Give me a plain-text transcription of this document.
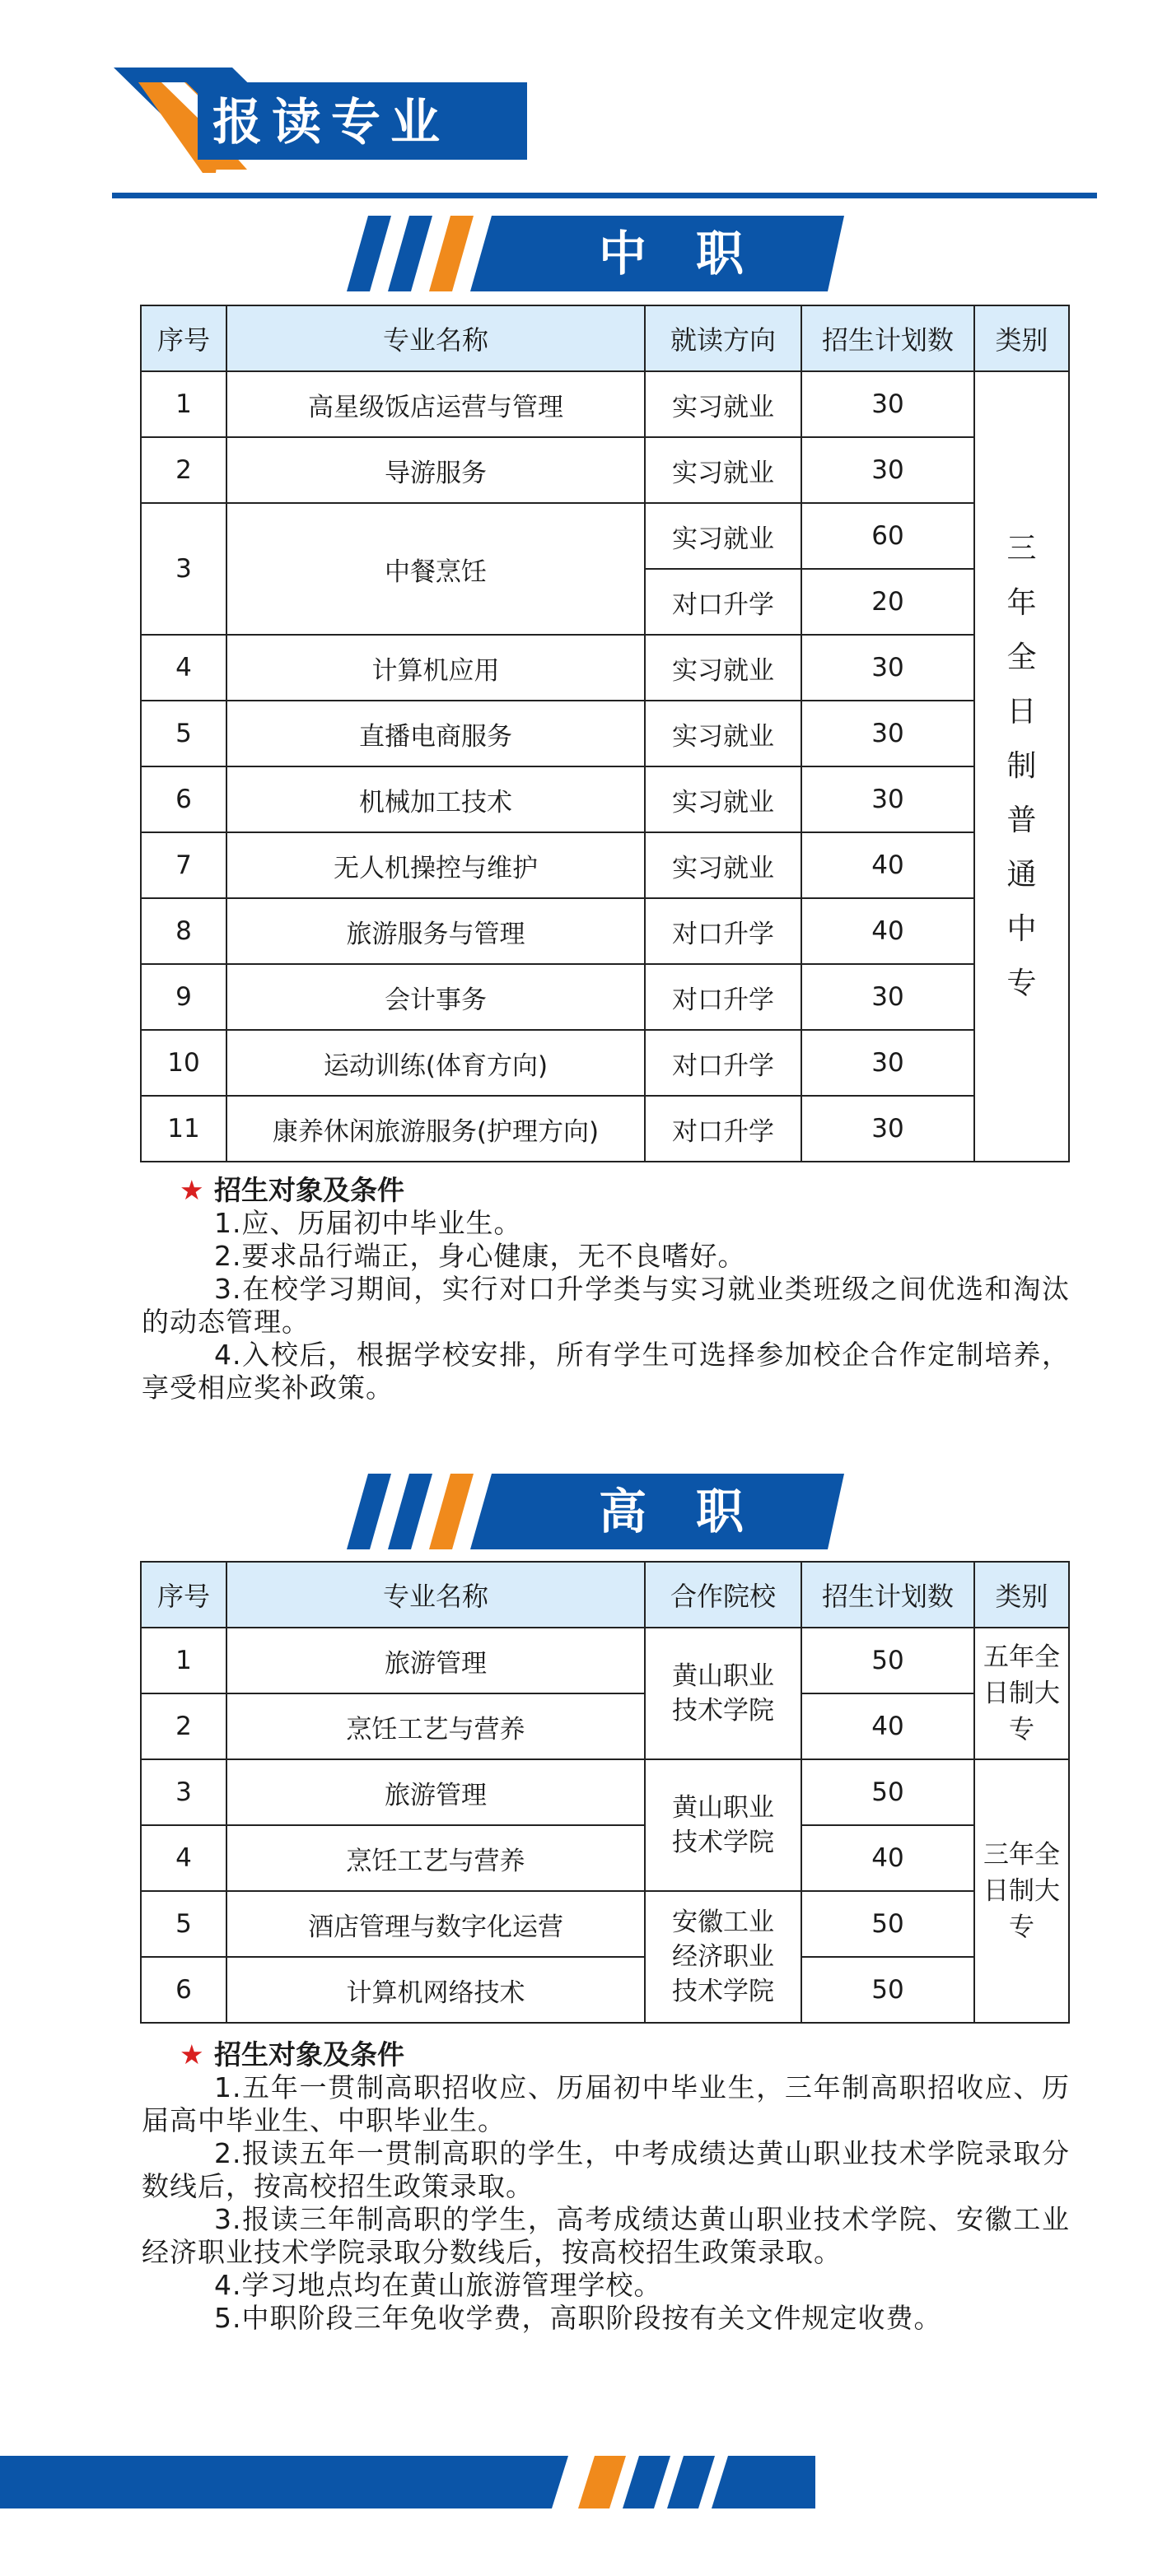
报读专业
中职
序号	专业名称	就读方向	招生计划数	类别
1	高星级饭店运营与管理	实习就业	30	三年全日制普通中专
2	导游服务	实习就业	30	
3	中餐烹饪	实习就业	60	
		对口升学	20	
4	计算机应用	实习就业	30	
5	直播电商服务	实习就业	30	
6	机械加工技术	实习就业	30	
7	无人机操控与维护	实习就业	40	
8	旅游服务与管理	对口升学	40	
9	会计事务	对口升学	30	
10	运动训练(体育方向)	对口升学	30	
11	康养休闲旅游服务(护理方向)	对口升学	30	
★ 招生对象及条件

1.应、历届初中毕业生。

2.要求品行端正，身心健康，无不良嗜好。

3.在校学习期间，实行对口升学类与实习就业类班级之间优选和淘汰的动态管理。

4.入校后，根据学校安排，所有学生可选择参加校企合作定制培养，享受相应奖补政策。

高职
序号	专业名称	合作院校	招生计划数	类别
1	旅游管理	黄山职业技术学院	50	五年全日制大专
2	烹饪工艺与营养		40	
3	旅游管理	黄山职业技术学院	50	三年全日制大专
4	烹饪工艺与营养		40	
5	酒店管理与数字化运营	安徽工业经济职业技术学院	50	
6	计算机网络技术		50	
★ 招生对象及条件

1.五年一贯制高职招收应、历届初中毕业生，三年制高职招收应、历届高中毕业生、中职毕业生。

2.报读五年一贯制高职的学生，中考成绩达黄山职业技术学院录取分数线后，按高校招生政策录取。

3.报读三年制高职的学生，高考成绩达黄山职业技术学院、安徽工业经济职业技术学院录取分数线后，按高校招生政策录取。

4.学习地点均在黄山旅游管理学校。

5.中职阶段三年免收学费，高职阶段按有关文件规定收费。
